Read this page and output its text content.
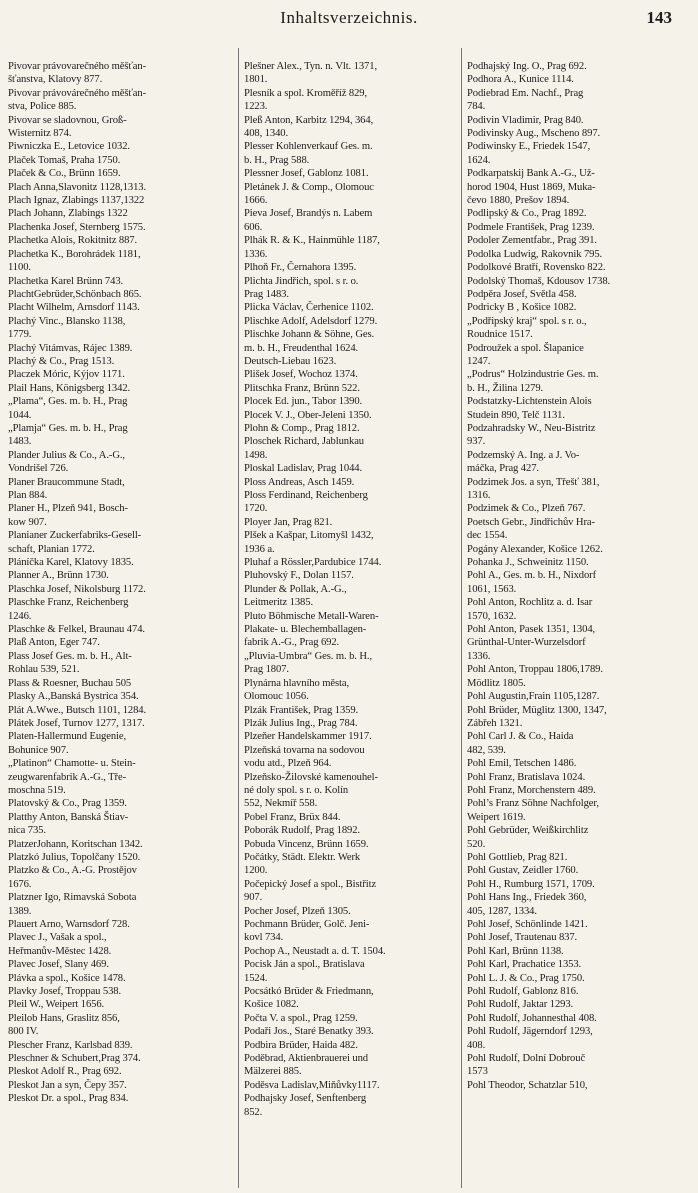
Inhaltsverzeichnis.	143
Pivovar právovarečného měšťan-
šťanstva, Klatovy 877.
Pivovar právovárečného měšťan-
stva, Police 885.
Pivovar se sladovnou, Groß-
Wisternitz 874.
Piwniczka E., Letovice 1032.
Plaček Tomaš, Praha 1750.
Plaček & Co., Brünn 1659.
Plach Anna,Slavonitz 1128,1313.
Plach Ignaz, Zlabings 1137,1322
Plach Johann, Zlabings 1322
Plachenka Josef, Sternberg 1575.
Plachetka Alois, Rokitnitz 887.
Plachetka K., Borohrádek 1181,
1100.
Plachetka Karel Brünn 743.
PlachtGebrüder,Schönbach 865.
Placht Wilhelm, Arnsdorf 1143.
Plachý Vinc., Blansko 1138,
1779.
Plachý Vitámvas, Rájec 1389.
Plachý & Co., Prag 1513.
Placzek Móric, Kýjov 1171.
Plail Hans, Königsberg 1342.
„Plama“, Ges. m. b. H., Prag
1044.
„Plamja“ Ges. m. b. H., Prag
1483.
Plander Julius & Co., A.-G.,
Vondrišel 726.
Planer Braucommune Stadt,
Plan 884.
Planer H., Plzeň 941, Bosch-
kow 907.
Planianer Zuckerfabriks-Gesell-
schaft, Planian 1772.
Pláníčka Karel, Klatovy 1835.
Planner A., Brünn 1730.
Plaschka Josef, Nikolsburg 1172.
Plaschke Franz, Reichenberg
1246.
Plaschke & Felkel, Braunau 474.
Plaß Anton, Eger 747.
Plass Josef Ges. m. b. H., Alt-
Rohlau 539, 521.
Plass & Roesner, Buchau 505
Plasky A.,Banská Bystrica 354.
Plát A.Wwe., Butsch 1101, 1284.
Plátek Josef, Turnov 1277, 1317.
Platen-Hallermund Eugenie,
Bohunice 907.
„Platinon“ Chamotte- u. Stein-
zeugwarenfabrik A.-G., Tře-
moschna 519.
Platovský & Co., Prag 1359.
Platthy Anton, Banská Štiav-
nica 735.
PlatzerJohann, Koritschan 1342.
Platzkó Julius, Topolčany 1520.
Platzko & Co., A.-G. Prostějov
1676.
Platzner Igo, Rimavská Sobota
1389.
Plauert Arno, Warnsdorf 728.
Plavec J., Vašak a spol.,
Heřmanův-Městec 1428.
Plavec Josef, Slany 469.
Plávka a spol., Košice 1478.
Plavky Josef, Troppau 538.
Pleil W., Weipert 1656.
Pleilob Hans, Graslitz 856,
800 IV.
Plescher Franz, Karlsbad 839.
Pleschner & Schubert,Prag 374.
Pleskot Adolf R., Prag 692.
Pleskot Jan a syn, Čepy 357.
Pleskot Dr. a spol., Prag 834.
Plešner Alex., Tyn. n. Vlt. 1371,
1801.
Plesník a spol. Kroměříž 829,
1223.
Pleß Anton, Karbitz 1294, 364,
408, 1340.
Plesser Kohlenverkauf Ges. m.
b. H., Prag 588.
Plessner Josef, Gablonz 1081.
Pletánek J. & Comp., Olomouc
1666.
Pieva Josef, Brandýs n. Labem
606.
Plhák R. & K., Hainmühle 1187,
1336.
Plhoň Fr., Černahora 1395.
Plichta Jindřich, spol. s r. o.
Prag 1483.
Plicka Václav, Čerhenice 1102.
Plischke Adolf, Adelsdorf 1279.
Plischke Johann & Söhne, Ges.
m. b. H., Freudenthal 1624.
Deutsch-Liebau 1623.
Plišek Josef, Wochoz 1374.
Plitschka Franz, Brünn 522.
Plocek Ed. jun., Tabor 1390.
Plocek V. J., Ober-Jeleni 1350.
Plohn & Comp., Prag 1812.
Ploschek Richard, Jablunkau
1498.
Ploskal Ladislav, Prag 1044.
Ploss Andreas, Asch 1459.
Ploss Ferdinand, Reichenberg
1720.
Ployer Jan, Prag 821.
Plšek a Kašpar, Litomyšl 1432,
1936 a.
Pluhaf a Rössler,Pardubice 1744.
Pluhovský F., Dolan 1157.
Plunder & Pollak, A.-G.,
Leitmeritz 1385.
Pluto Böhmische Metall-Waren-
Plakate- u. Blechemballagen-
fabrik A.-G., Prag 692.
„Pluvia-Umbra“ Ges. m. b. H.,
Prag 1807.
Plynárna hlavního města,
Olomouc 1056.
Plzák František, Prag 1359.
Plzák Julius Ing., Prag 784.
Plzeňer Handelskammer 1917.
Plzeňská tovarna na sodovou
vodu atd., Plzeň 964.
Plzeňsko-Žilovské kamenouhel-
né doly spol. s r. o. Kolín
552, Nekmíř 558.
Pobel Franz, Brüx 844.
Poborák Rudolf, Prag 1892.
Pobuda Vincenz, Brünn 1659.
Počátky, Städt. Elektr. Werk
1200.
Počepický Josef a spol., Bistřitz
907.
Pocher Josef, Plzeň 1305.
Pochmann Brüder, Golč. Jeni-
kovl 734.
Pochop A., Neustadt a. d. T. 1504.
Pocisk Ján a spol., Bratislava
1524.
Pocsátkó Brüder & Friedmann,
Košice 1082.
Počta V. a spol., Prag 1259.
Podaři Jos., Staré Benatky 393.
Podbira Brüder, Haida 482.
Poděbrad, Aktienbrauerei und
Mälzerei 885.
Poděsva Ladislav,Miňůvky1117.
Podhajsky Josef, Senftenberg
852.
Podhajský Ing. O., Prag 692.
Podhora A., Kunice 1114.
Podiebrad Em. Nachf., Prag
784.
Podivin Vladimir, Prag 840.
Podivinsky Aug., Mscheno 897.
Podiwinsky E., Friedek 1547,
1624.
Podkarpatskij Bank A.-G., Už-
horod 1904, Hust 1869, Muka-
čevo 1880, Prešov 1894.
Podlipský & Co., Prag 1892.
Podmele František, Prag 1239.
Podoler Zementfabr., Prag 391.
Podolka Ludwig, Rakovnik 795.
Podolkové Bratří, Rovensko 822.
Podolský Thomaš, Kdousov 1738.
Podpěra Josef, Světla 458.
Podricky B , Košice 1082.
„Podřipský kraj“ spol. s r. o.,
Roudnice 1517.
Podroužek a spol. Šlapanice
1247.
„Podrus“ Holzindustrie Ges. m.
b. H., Žilina 1279.
Podstatzky-Lichtenstein Alois
Studein 890, Telč 1131.
Podzahradsky W., Neu-Bistritz
937.
Podzemský A. Ing. a J. Vo-
máčka, Prag 427.
Podzimek Jos. a syn, Třešť 381,
1316.
Podzimek & Co., Plzeň 767.
Poetsch Gebr., Jindřichův Hra-
dec 1554.
Pogány Alexander, Košice 1262.
Pohanka J., Schweinitz 1150.
Pohl A., Ges. m. b. H., Nixdorf
1061, 1563.
Pohl Anton, Rochlitz a. d. Isar
1570, 1632.
Pohl Anton, Pasek 1351, 1304,
Grünthal-Unter-Wurzelsdorf
1336.
Pohl Anton, Troppau 1806,1789.
Mödlitz 1805.
Pohl Augustin,Frain 1105,1287.
Pohl Brüder, Müglitz 1300, 1347,
Zábřeh 1321.
Pohl Carl J. & Co., Haida
482, 539.
Pohl Emil, Tetschen 1486.
Pohl Franz, Bratislava 1024.
Pohl Franz, Morchenstern 489.
Pohl’s Franz Söhne Nachfolger,
Weipert 1619.
Pohl Gebrüder, Weißkirchlitz
520.
Pohl Gottlieb, Prag 821.
Pohl Gustav, Zeidler 1760.
Pohl H., Rumburg 1571, 1709.
Pohl Hans Ing., Friedek 360,
405, 1287, 1334.
Pohl Josef, Schönlinde 1421.
Pohl Josef, Trautenau 837.
Pohl Karl, Brünn 1138.
Pohl Karl, Prachatice 1353.
Pohl L. J. & Co., Prag 1750.
Pohl Rudolf, Gablonz 816.
Pohl Rudolf, Jaktar 1293.
Pohl Rudolf, Johannesthal 408.
Pohl Rudolf, Jägerndorf 1293,
408.
Pohl Rudolf, Dolní Dobrouč
1573
Pohl Theodor, Schatzlar 510,
